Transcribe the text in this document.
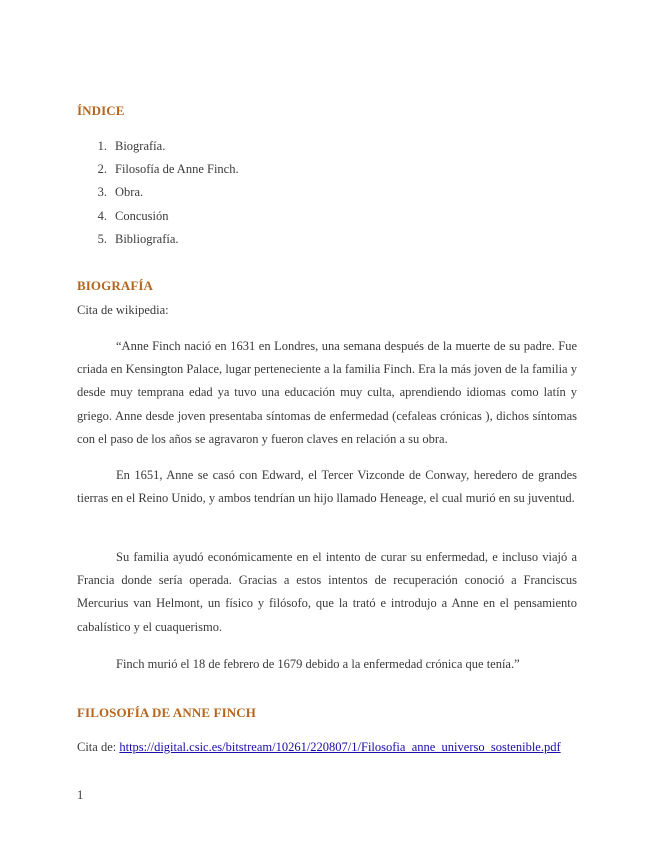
ÍNDICE
1. Biografía.
2. Filosofía de Anne Finch.
3. Obra.
4. Concusión
5. Bibliografía.
BIOGRAFÍA
Cita de wikipedia:

“Anne Finch nació en 1631 en Londres, una semana después de la muerte de su padre. Fue criada en Kensington Palace, lugar perteneciente a la familia Finch. Era la más joven de la familia y desde muy temprana edad ya tuvo una educación muy culta, aprendiendo idiomas como latín y griego. Anne desde joven presentaba síntomas de enfermedad (cefaleas crónicas ), dichos síntomas con el paso de los años se agravaron y fueron claves en relación a su obra.

En 1651, Anne se casó con Edward, el Tercer Vizconde de Conway, heredero de grandes tierras en el Reino Unido, y ambos tendrían un hijo llamado Heneage, el cual murió en su juventud.

Su familia ayudó económicamente en el intento de curar su enfermedad, e incluso viajó a Francia donde sería operada. Gracias a estos intentos de recuperación conoció a Franciscus Mercurius van Helmont, un físico y filósofo, que la trató e introdujo a Anne en el pensamiento cabalístico y el cuaquerismo.

Finch murió el 18 de febrero de 1679 debido a la enfermedad crónica que tenía.”

FILOSOFÍA DE ANNE FINCH
Cita de: https://digital.csic.es/bitstream/10261/220807/1/Filosofia_anne_universo_sostenible.pdf
1
